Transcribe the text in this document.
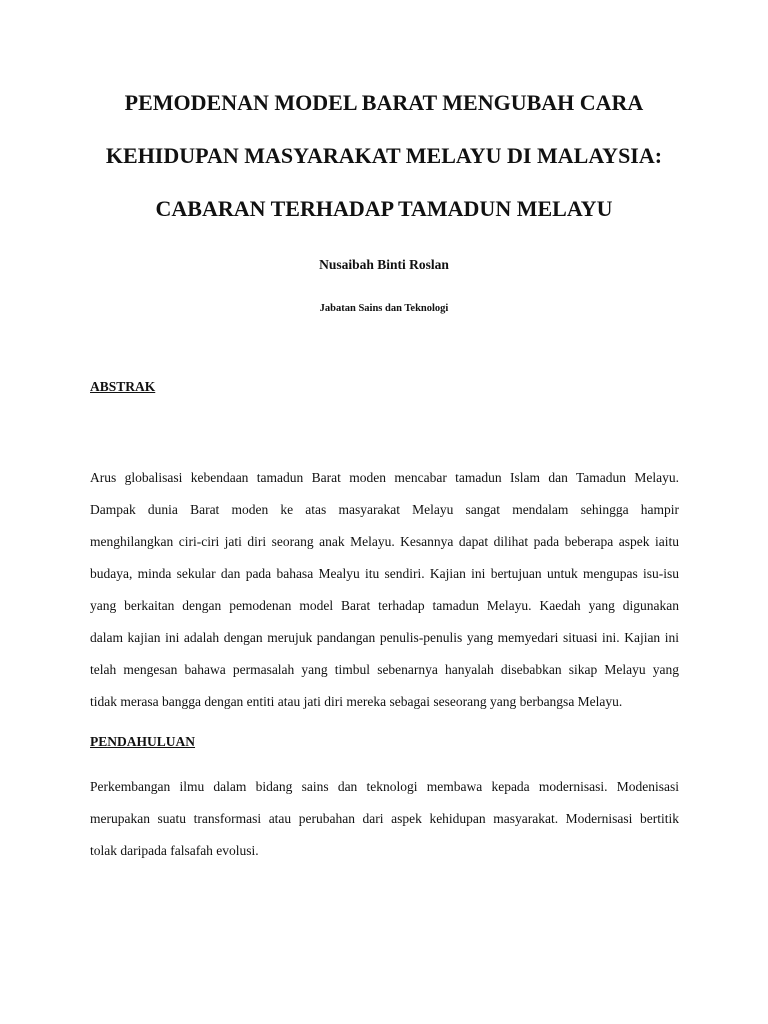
PEMODENAN MODEL BARAT MENGUBAH CARA
KEHIDUPAN MASYARAKAT MELAYU DI MALAYSIA:
CABARAN TERHADAP TAMADUN MELAYU
Nusaibah Binti Roslan
Jabatan Sains dan Teknologi
ABSTRAK
Arus globalisasi kebendaan tamadun Barat moden mencabar tamadun Islam dan Tamadun Melayu.
Dampak dunia Barat moden ke atas masyarakat Melayu sangat mendalam sehingga hampir
menghilangkan ciri-ciri jati diri seorang anak Melayu. Kesannya dapat dilihat pada beberapa aspek iaitu
budaya, minda sekular dan pada bahasa Mealyu itu sendiri. Kajian ini bertujuan untuk mengupas isu-isu
yang berkaitan dengan pemodenan model Barat terhadap tamadun Melayu. Kaedah yang digunakan
dalam kajian ini adalah dengan merujuk pandangan penulis-penulis yang memyedari situasi ini. Kajian ini
telah mengesan bahawa permasalah yang timbul sebenarnya hanyalah disebabkan sikap Melayu yang
tidak merasa bangga dengan entiti atau jati diri mereka sebagai seseorang yang berbangsa Melayu.
PENDAHULUAN
Perkembangan ilmu dalam bidang sains dan teknologi membawa kepada modernisasi. Modenisasi
merupakan suatu transformasi atau perubahan dari aspek kehidupan masyarakat. Modernisasi bertitik
tolak daripada falsafah evolusi.
